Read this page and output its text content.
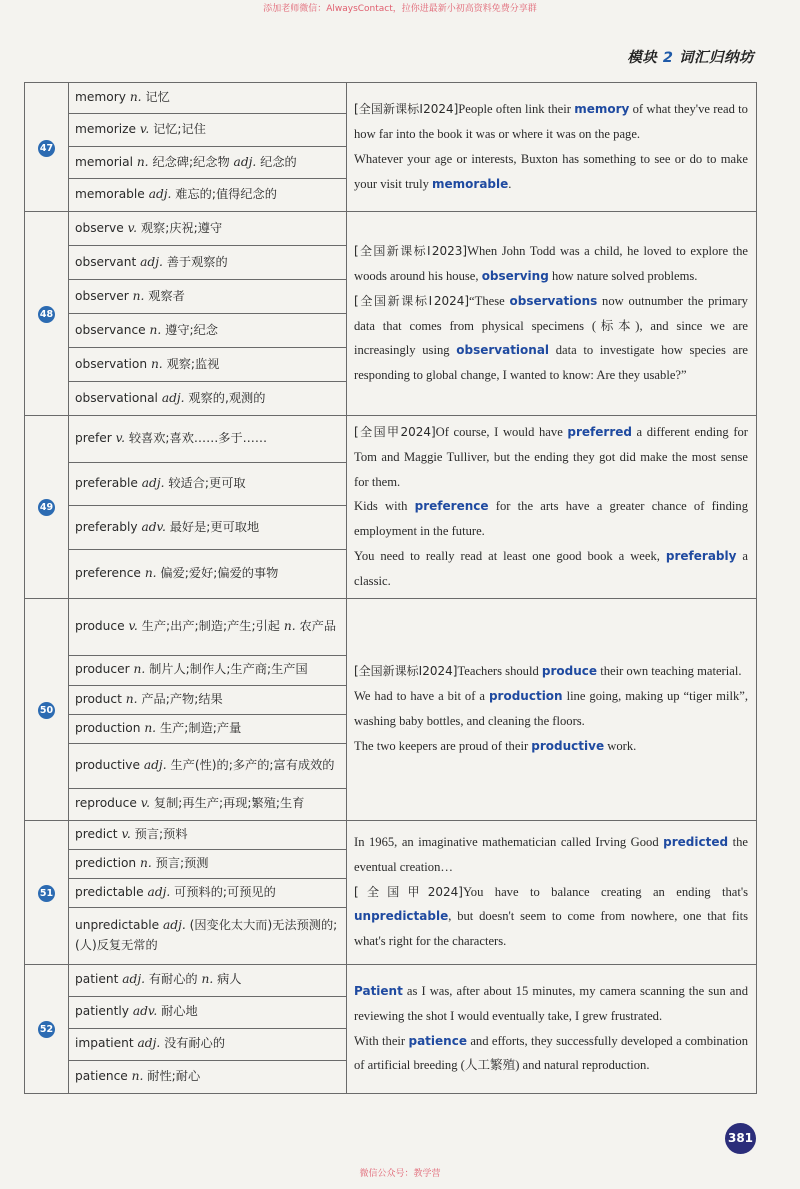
添加老师微信：AlwaysContact，拉你进最新小初高资料免费分享群
模块 2 词汇归纳坊
47	memory n. 记忆	[全国新课标Ⅰ2024]People often link their memory of what they've read to how far into the book it was or where it was on the page.

Whatever your age or interests, Buxton has something to see or do to make your visit truly memorable.

	memorize v. 记忆;记住	
	memorial n. 纪念碑;纪念物 adj. 纪念的	
	memorable adj. 难忘的;值得纪念的	
48	observe v. 观察;庆祝;遵守	[全国新课标Ⅰ2023]When John Todd was a child, he loved to explore the woods around his house, observing how nature solved problems.

[全国新课标Ⅰ2024]“These observations now outnumber the primary data that comes from physical specimens (标本), and since we are increasingly using observational data to investigate how species are responding to global change, I wanted to know: Are they usable?”

	observant adj. 善于观察的	
	observer n. 观察者	
	observance n. 遵守;纪念	
	observation n. 观察;监视	
	observational adj. 观察的,观测的	
49	prefer v. 较喜欢;喜欢……多于……	[全国甲2024]Of course, I would have preferred a different ending for Tom and Maggie Tulliver, but the ending they got did make the most sense for them.

Kids with preference for the arts have a greater chance of finding employment in the future.

You need to really read at least one good book a week, preferably a classic.

	preferable adj. 较适合;更可取	
	preferably adv. 最好是;更可取地	
	preference n. 偏爱;爱好;偏爱的事物	
50	produce v. 生产;出产;制造;产生;引起 n. 农产品	[全国新课标Ⅰ2024]Teachers should produce their own teaching material.

We had to have a bit of a production line going, making up “tiger milk”, washing baby bottles, and cleaning the floors.

The two keepers are proud of their productive work.

	producer n. 制片人;制作人;生产商;生产国	
	product n. 产品;产物;结果	
	production n. 生产;制造;产量	
	productive adj. 生产(性)的;多产的;富有成效的	
	reproduce v. 复制;再生产;再现;繁殖;生育	
51	predict v. 预言;预料	In 1965, an imaginative mathematician called Irving Good predicted the eventual creation…

[全国甲2024]You have to balance creating an ending that's unpredictable, but doesn't seem to come from nowhere, one that fits what's right for the characters.

	prediction n. 预言;预测	
	predictable adj. 可预料的;可预见的	
	unpredictable adj. (因变化太大而)无法预测的;(人)反复无常的	
52	patient adj. 有耐心的 n. 病人	Patient as I was, after about 15 minutes, my camera scanning the sun and reviewing the shot I would eventually take, I grew frustrated.

With their patience and efforts, they successfully developed a combination of artificial breeding (人工繁殖) and natural reproduction.

	patiently adv. 耐心地	
	impatient adj. 没有耐心的	
	patience n. 耐性;耐心	
381
微信公众号：教学营
